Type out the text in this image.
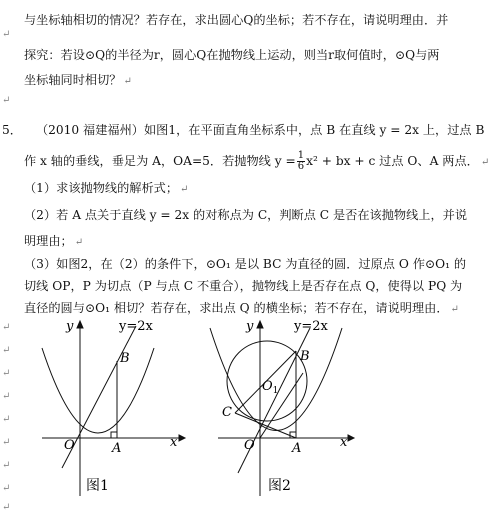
与坐标轴相切的情况？若存在，求出圆心Q的坐标；若不存在，请说明理由．并
↵
探究：若设⊙Q的半径为r，圆心Q在抛物线上运动，则当r取何值时，⊙Q与两
坐标轴同时相切？ ↵
↵
5． （2010 福建福州）如图1，在平面直角坐标系中，点 B 在直线 y = 2x 上，过点 B
作 x 轴的垂线，垂足为 A，OA=5．若抛物线 $y = \frac{1}{6} x^2$ + bx + c 过点 O、A 两点． ↵
（1）求该抛物线的解析式； ↵
（2）若 A 点关于直线 y = 2x 的对称点为 C，判断点 C 是否在该抛物线上，并说
明理由； ↵
（3）如图2，在（2）的条件下，⊙O₁ 是以 BC 为直径的圆．过原点 O 作⊙O₁ 的
切线 OP，P 为切点（P 与点 C 不重合），抛物线上是否存在点 Q，使得以 PQ 为
直径的圆与⊙O₁ 相切？若存在，求出点 Q 的横坐标；若不存在，请说明理由． ↵
↵
↵
↵
↵
↵
↵
↵
↵
↵
y	y=2x
B
O	A	x
图1
y	y=2x
B
$O_1$
C
O	A	x
图2
